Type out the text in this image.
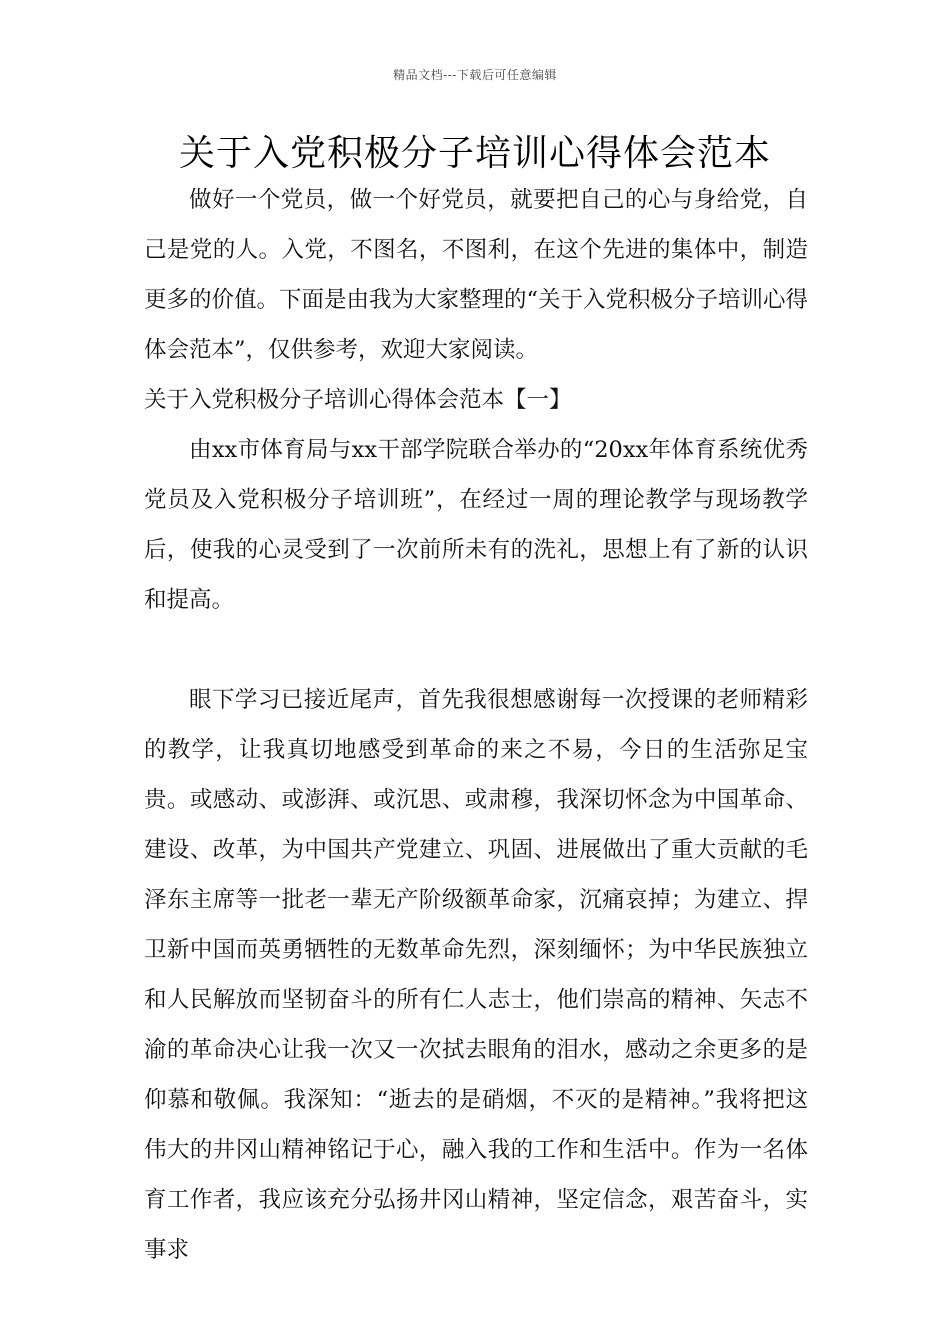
精品文档---下载后可任意编辑
关于入党积极分子培训心得体会范本

做好一个党员，做一个好党员，就要把自己的心与身给党，自己是党的人。入党，不图名，不图利，在这个先进的集体中，制造更多的价值。下面是由我为大家整理的“关于入党积极分子培训心得体会范本”，仅供参考，欢迎大家阅读。

关于入党积极分子培训心得体会范本【一】

由xx市体育局与xx干部学院联合举办的“20xx年体育系统优秀党员及入党积极分子培训班”，在经过一周的理论教学与现场教学后，使我的心灵受到了一次前所未有的洗礼，思想上有了新的认识和提高。

眼下学习已接近尾声，首先我很想感谢每一次授课的老师精彩的教学，让我真切地感受到革命的来之不易，今日的生活弥足宝贵。或感动、或澎湃、或沉思、或肃穆，我深切怀念为中国革命、建设、改革，为中国共产党建立、巩固、进展做出了重大贡献的毛泽东主席等一批老一辈无产阶级额革命家，沉痛哀掉；为建立、捍卫新中国而英勇牺牲的无数革命先烈，深刻缅怀；为中华民族独立和人民解放而坚韧奋斗的所有仁人志士，他们崇高的精神、矢志不渝的革命决心让我一次又一次拭去眼角的泪水，感动之余更多的是仰慕和敬佩。我深知：“逝去的是硝烟，不灭的是精神。”我将把这伟大的井冈山精神铭记于心，融入我的工作和生活中。作为一名体育工作者，我应该充分弘扬井冈山精神，坚定信念，艰苦奋斗，实事求
